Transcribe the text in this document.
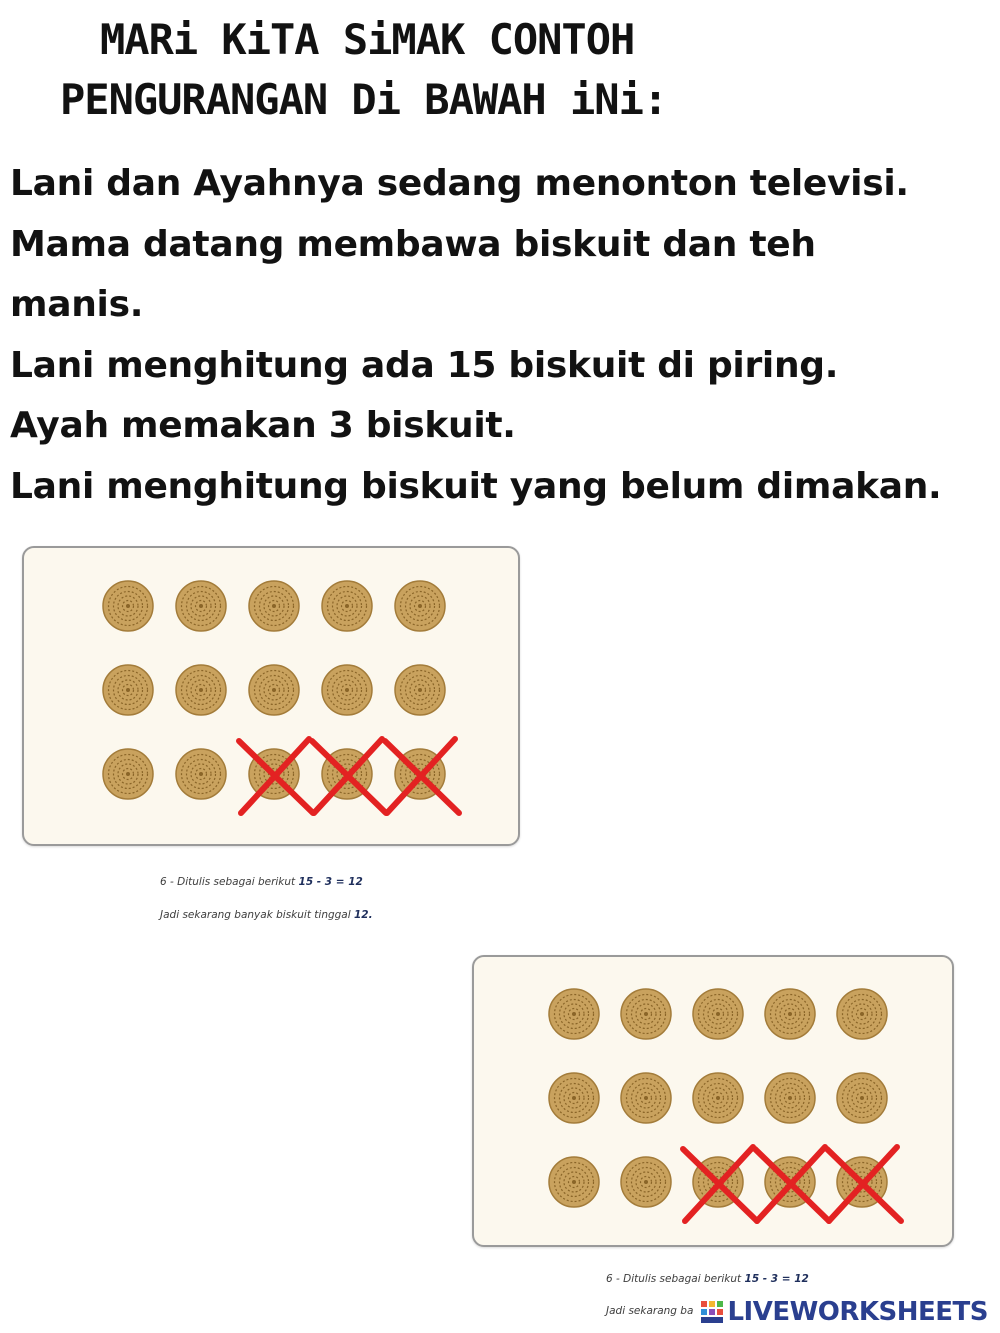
MARi KiTA SiMAK CONTOH
PENGURANGAN Di BAWAH iNi:
Lani dan Ayahnya sedang menonton televisi.
Mama datang membawa biskuit dan teh
manis.
Lani menghitung ada 15 biskuit di piring.
Ayah memakan 3 biskuit.
Lani menghitung biskuit yang belum dimakan.
6 - Ditulis sebagai berikut 15 - 3 = 12
Jadi sekarang banyak biskuit tinggal 12.
6 - Ditulis sebagai berikut 15 - 3 = 12
Jadi sekarang ba LIVEWORKSHEETS
